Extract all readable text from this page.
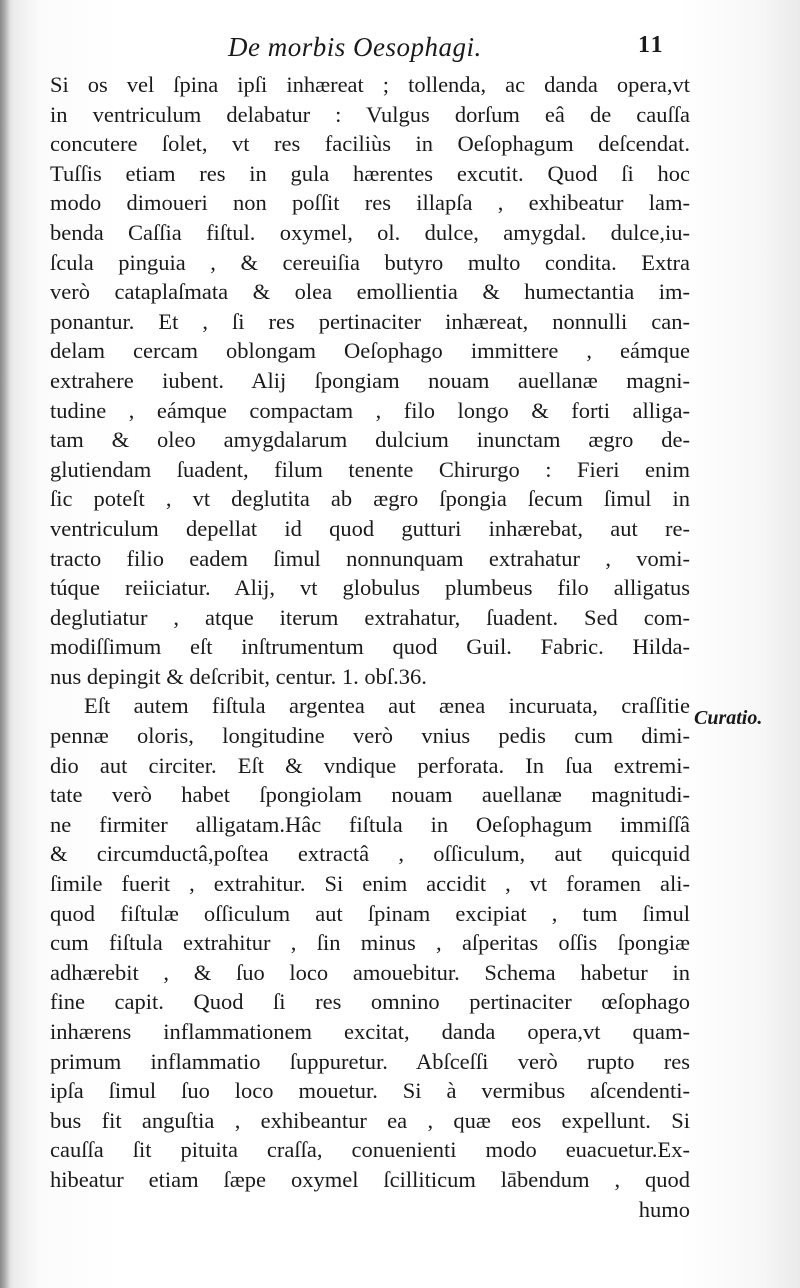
De morbis Oesophagi.	11
Si os vel ſpina ipſi inhæreat ; tollenda, ac danda opera,vt
in ventriculum delabatur : Vulgus dorſum eâ de cauſſa
concutere ſolet, vt res faciliùs in Oeſophagum deſcendat.
Tuſſis etiam res in gula hærentes excutit. Quod ſi hoc
modo dimoueri non poſſit res illapſa , exhibeatur lam-
benda Caſſia fiſtul. oxymel, ol. dulce, amygdal. dulce,iu-
ſcula pinguia , & cereuiſia butyro multo condita. Extra
verò cataplaſmata & olea emollientia & humectantia im-
ponantur. Et , ſi res pertinaciter inhæreat, nonnulli can-
delam cercam oblongam Oeſophago immittere , eámque
extrahere iubent. Alij ſpongiam nouam auellanæ magni-
tudine , eámque compactam , filo longo & forti alliga-
tam & oleo amygdalarum dulcium inunctam ægro de-
glutiendam ſuadent, filum tenente Chirurgo : Fieri enim
ſic poteſt , vt deglutita ab ægro ſpongia ſecum ſimul in
ventriculum depellat id quod gutturi inhærebat, aut re-
tracto filio eadem ſimul nonnunquam extrahatur , vomi-
túque reiiciatur. Alij, vt globulus plumbeus filo alligatus
deglutiatur , atque iterum extrahatur, ſuadent. Sed com-
modiſſimum eſt inſtrumentum quod Guil. Fabric. Hilda-
nus depingit & deſcribit, centur. 1. obſ.36.
Eſt autem fiſtula argentea aut ænea incuruata, craſſitie
pennæ oloris, longitudine verò vnius pedis cum dimi-
dio aut circiter. Eſt & vndique perforata. In ſua extremi-
tate verò habet ſpongiolam nouam auellanæ magnitudi-
ne firmiter alligatam.Hâc fiſtula in Oeſophagum immiſſâ
& circumductâ,poſtea extractâ , oſſiculum, aut quicquid
ſimile fuerit , extrahitur. Si enim accidit , vt foramen ali-
quod fiſtulæ oſſiculum aut ſpinam excipiat , tum ſimul
cum fiſtula extrahitur , ſin minus , aſperitas oſſis ſpongiæ
adhærebit , & ſuo loco amouebitur. Schema habetur in
fine capit. Quod ſi res omnino pertinaciter œſophago
inhærens inflammationem excitat, danda opera,vt quam-
primum inflammatio ſuppuretur. Abſceſſi verò rupto res
ipſa ſimul ſuo loco mouetur. Si à vermibus aſcendenti-
bus fit anguſtia , exhibeantur ea , quæ eos expellunt. Si
cauſſa ſit pituita craſſa, conuenienti modo euacuetur.Ex-
hibeatur etiam ſæpe oxymel ſcilliticum lābendum , quod
humo
Curatio.
